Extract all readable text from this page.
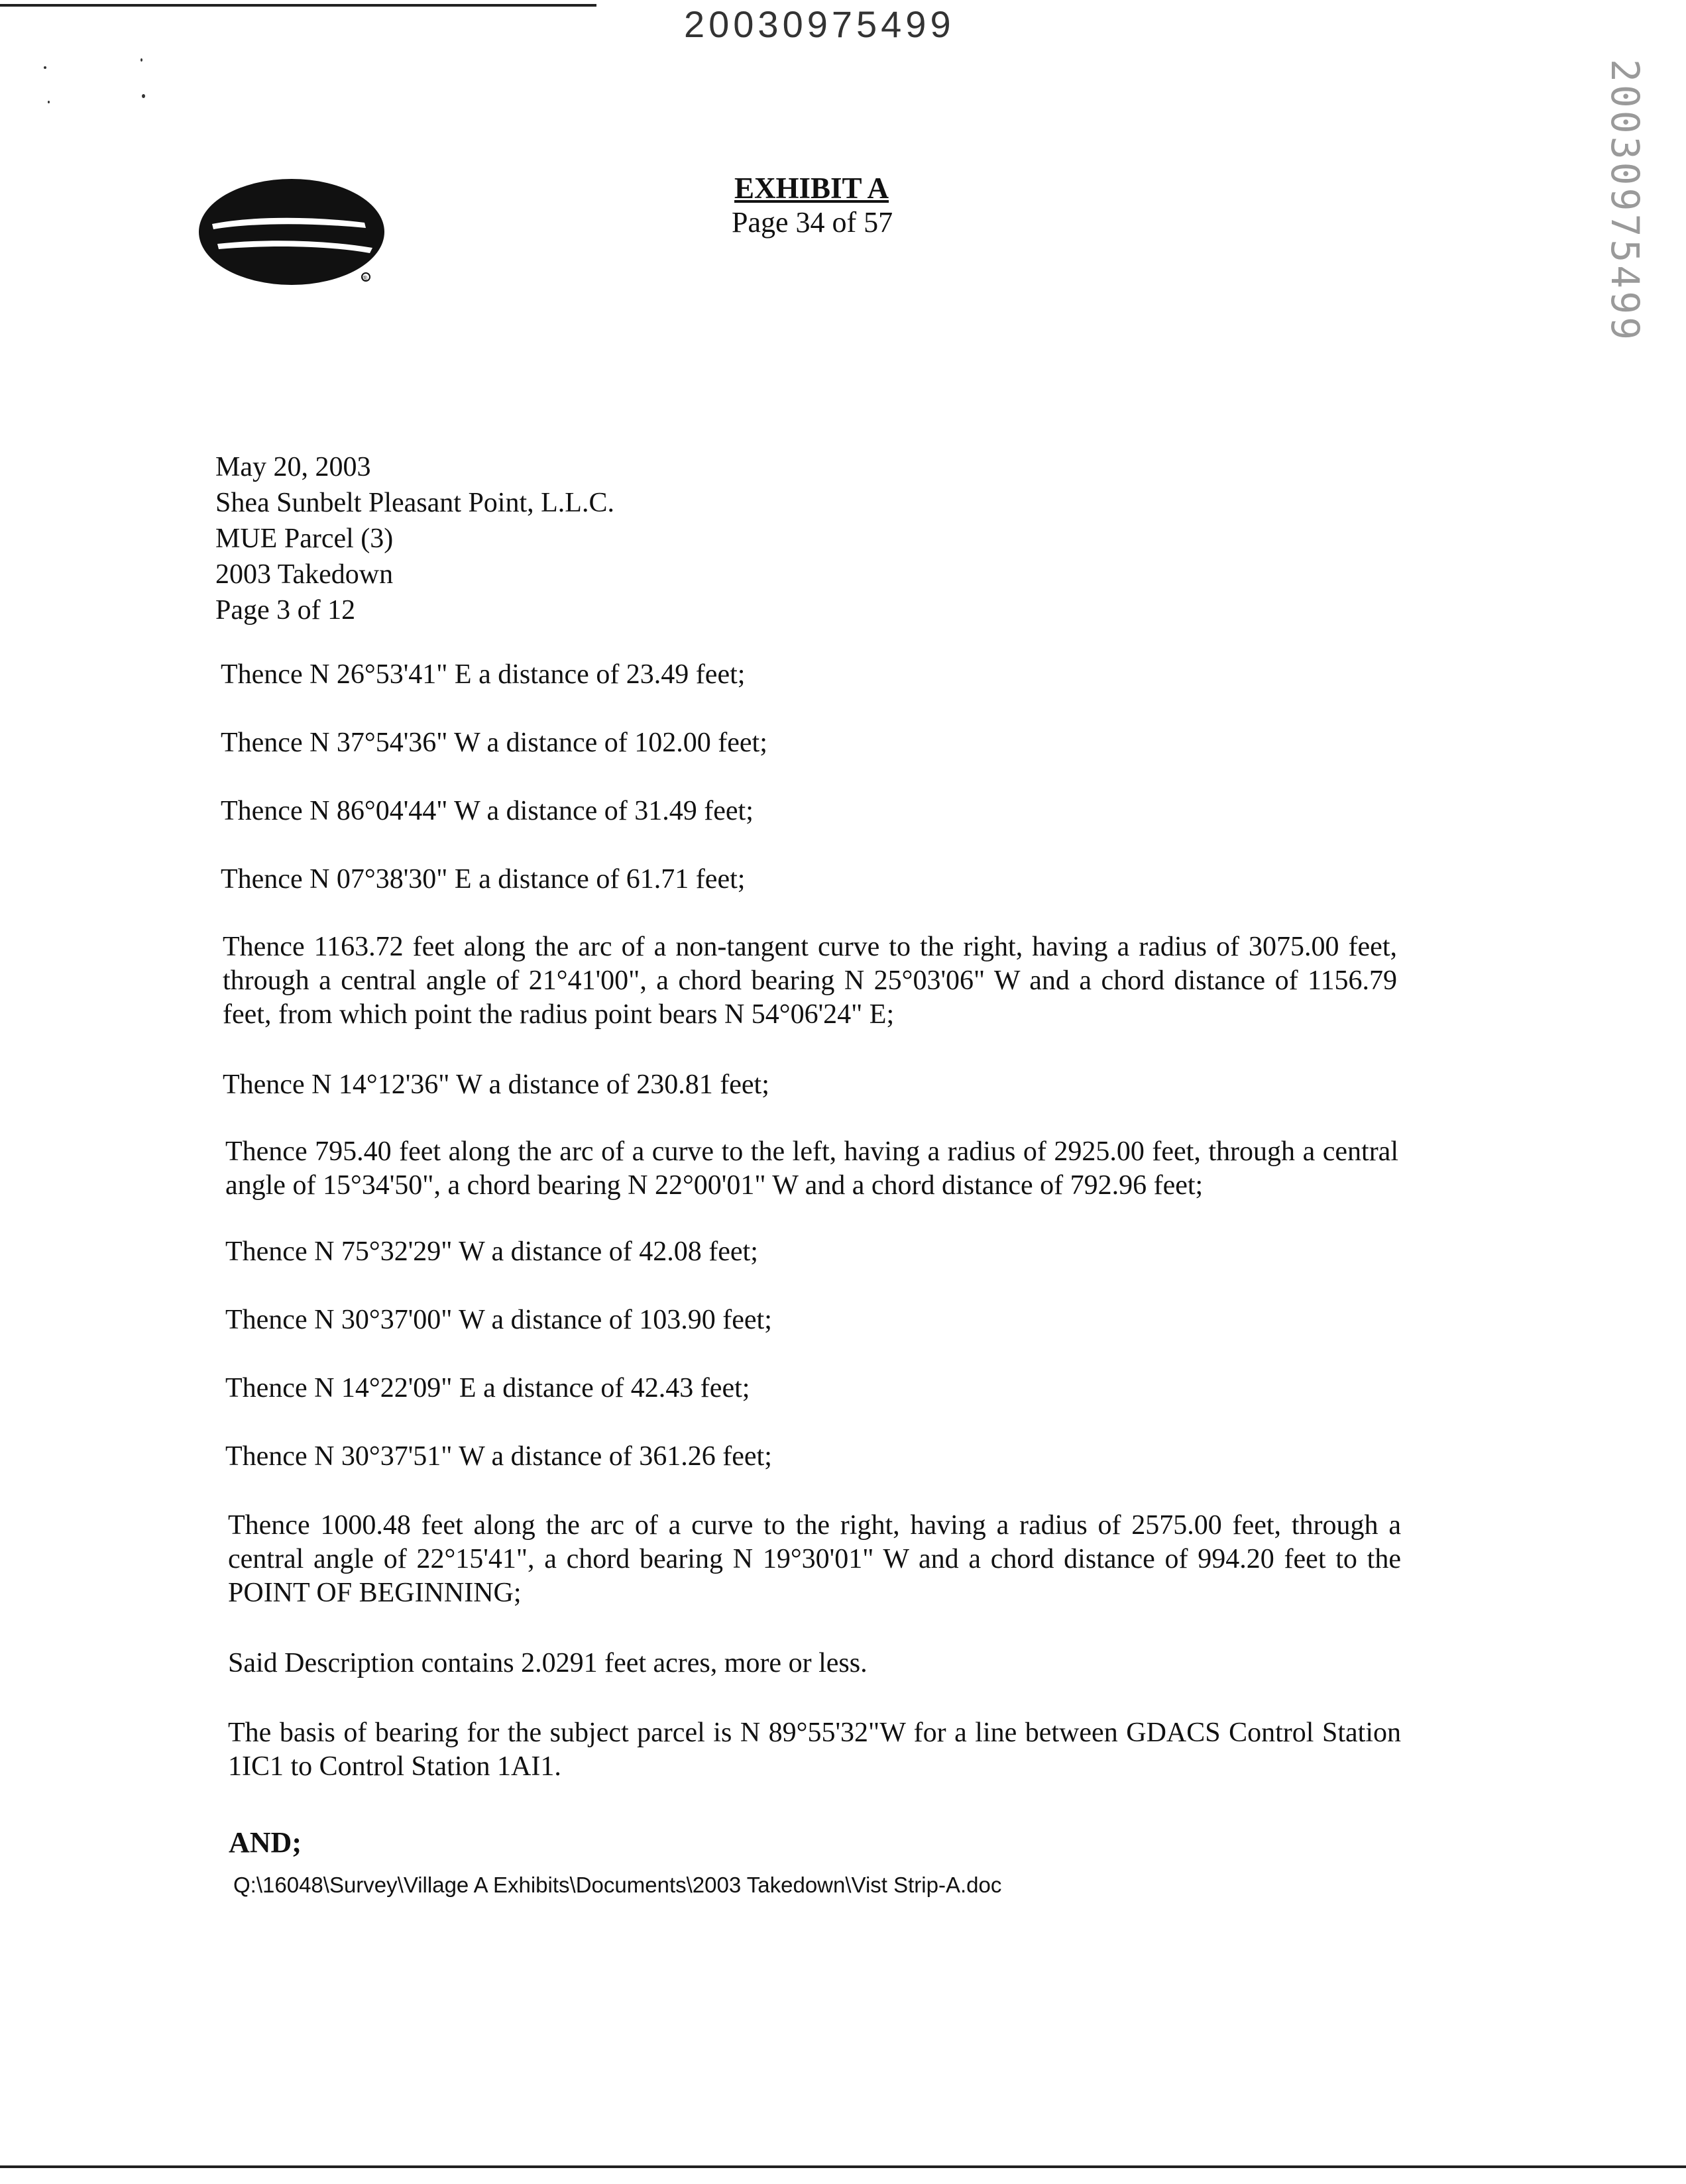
20030975499
20030975499
®
EXHIBIT A
Page 34 of 57
May 20, 2003
Shea Sunbelt Pleasant Point, L.L.C.
MUE Parcel (3)
2003 Takedown
Page 3 of 12
Thence N 26°53'41" E a distance of 23.49 feet;
Thence N 37°54'36" W a distance of 102.00 feet;
Thence N 86°04'44" W a distance of 31.49 feet;
Thence N 07°38'30" E a distance of 61.71 feet;
Thence 1163.72 feet along the arc of a non-tangent curve to the right, having a radius of 3075.00 feet, through a central angle of 21°41'00", a chord bearing N 25°03'06" W and a chord distance of 1156.79 feet, from which point the radius point bears N 54°06'24" E;
Thence N 14°12'36" W a distance of 230.81 feet;
Thence 795.40 feet along the arc of a curve to the left, having a radius of 2925.00 feet, through a central angle of 15°34'50", a chord bearing N 22°00'01" W and a chord distance of 792.96 feet;
Thence N 75°32'29" W a distance of 42.08 feet;
Thence N 30°37'00" W a distance of 103.90 feet;
Thence N 14°22'09" E a distance of 42.43 feet;
Thence N 30°37'51" W a distance of 361.26 feet;
Thence 1000.48 feet along the arc of a curve to the right, having a radius of 2575.00 feet, through a central angle of 22°15'41", a chord bearing N 19°30'01" W and a chord distance of 994.20 feet to the POINT OF BEGINNING;
Said Description contains 2.0291 feet acres, more or less.
The basis of bearing for the subject parcel is N 89°55'32"W for a line between GDACS Control Station 1IC1 to Control Station 1AI1.
AND;
Q:\16048\Survey\Village A Exhibits\Documents\2003 Takedown\Vist Strip-A.doc
